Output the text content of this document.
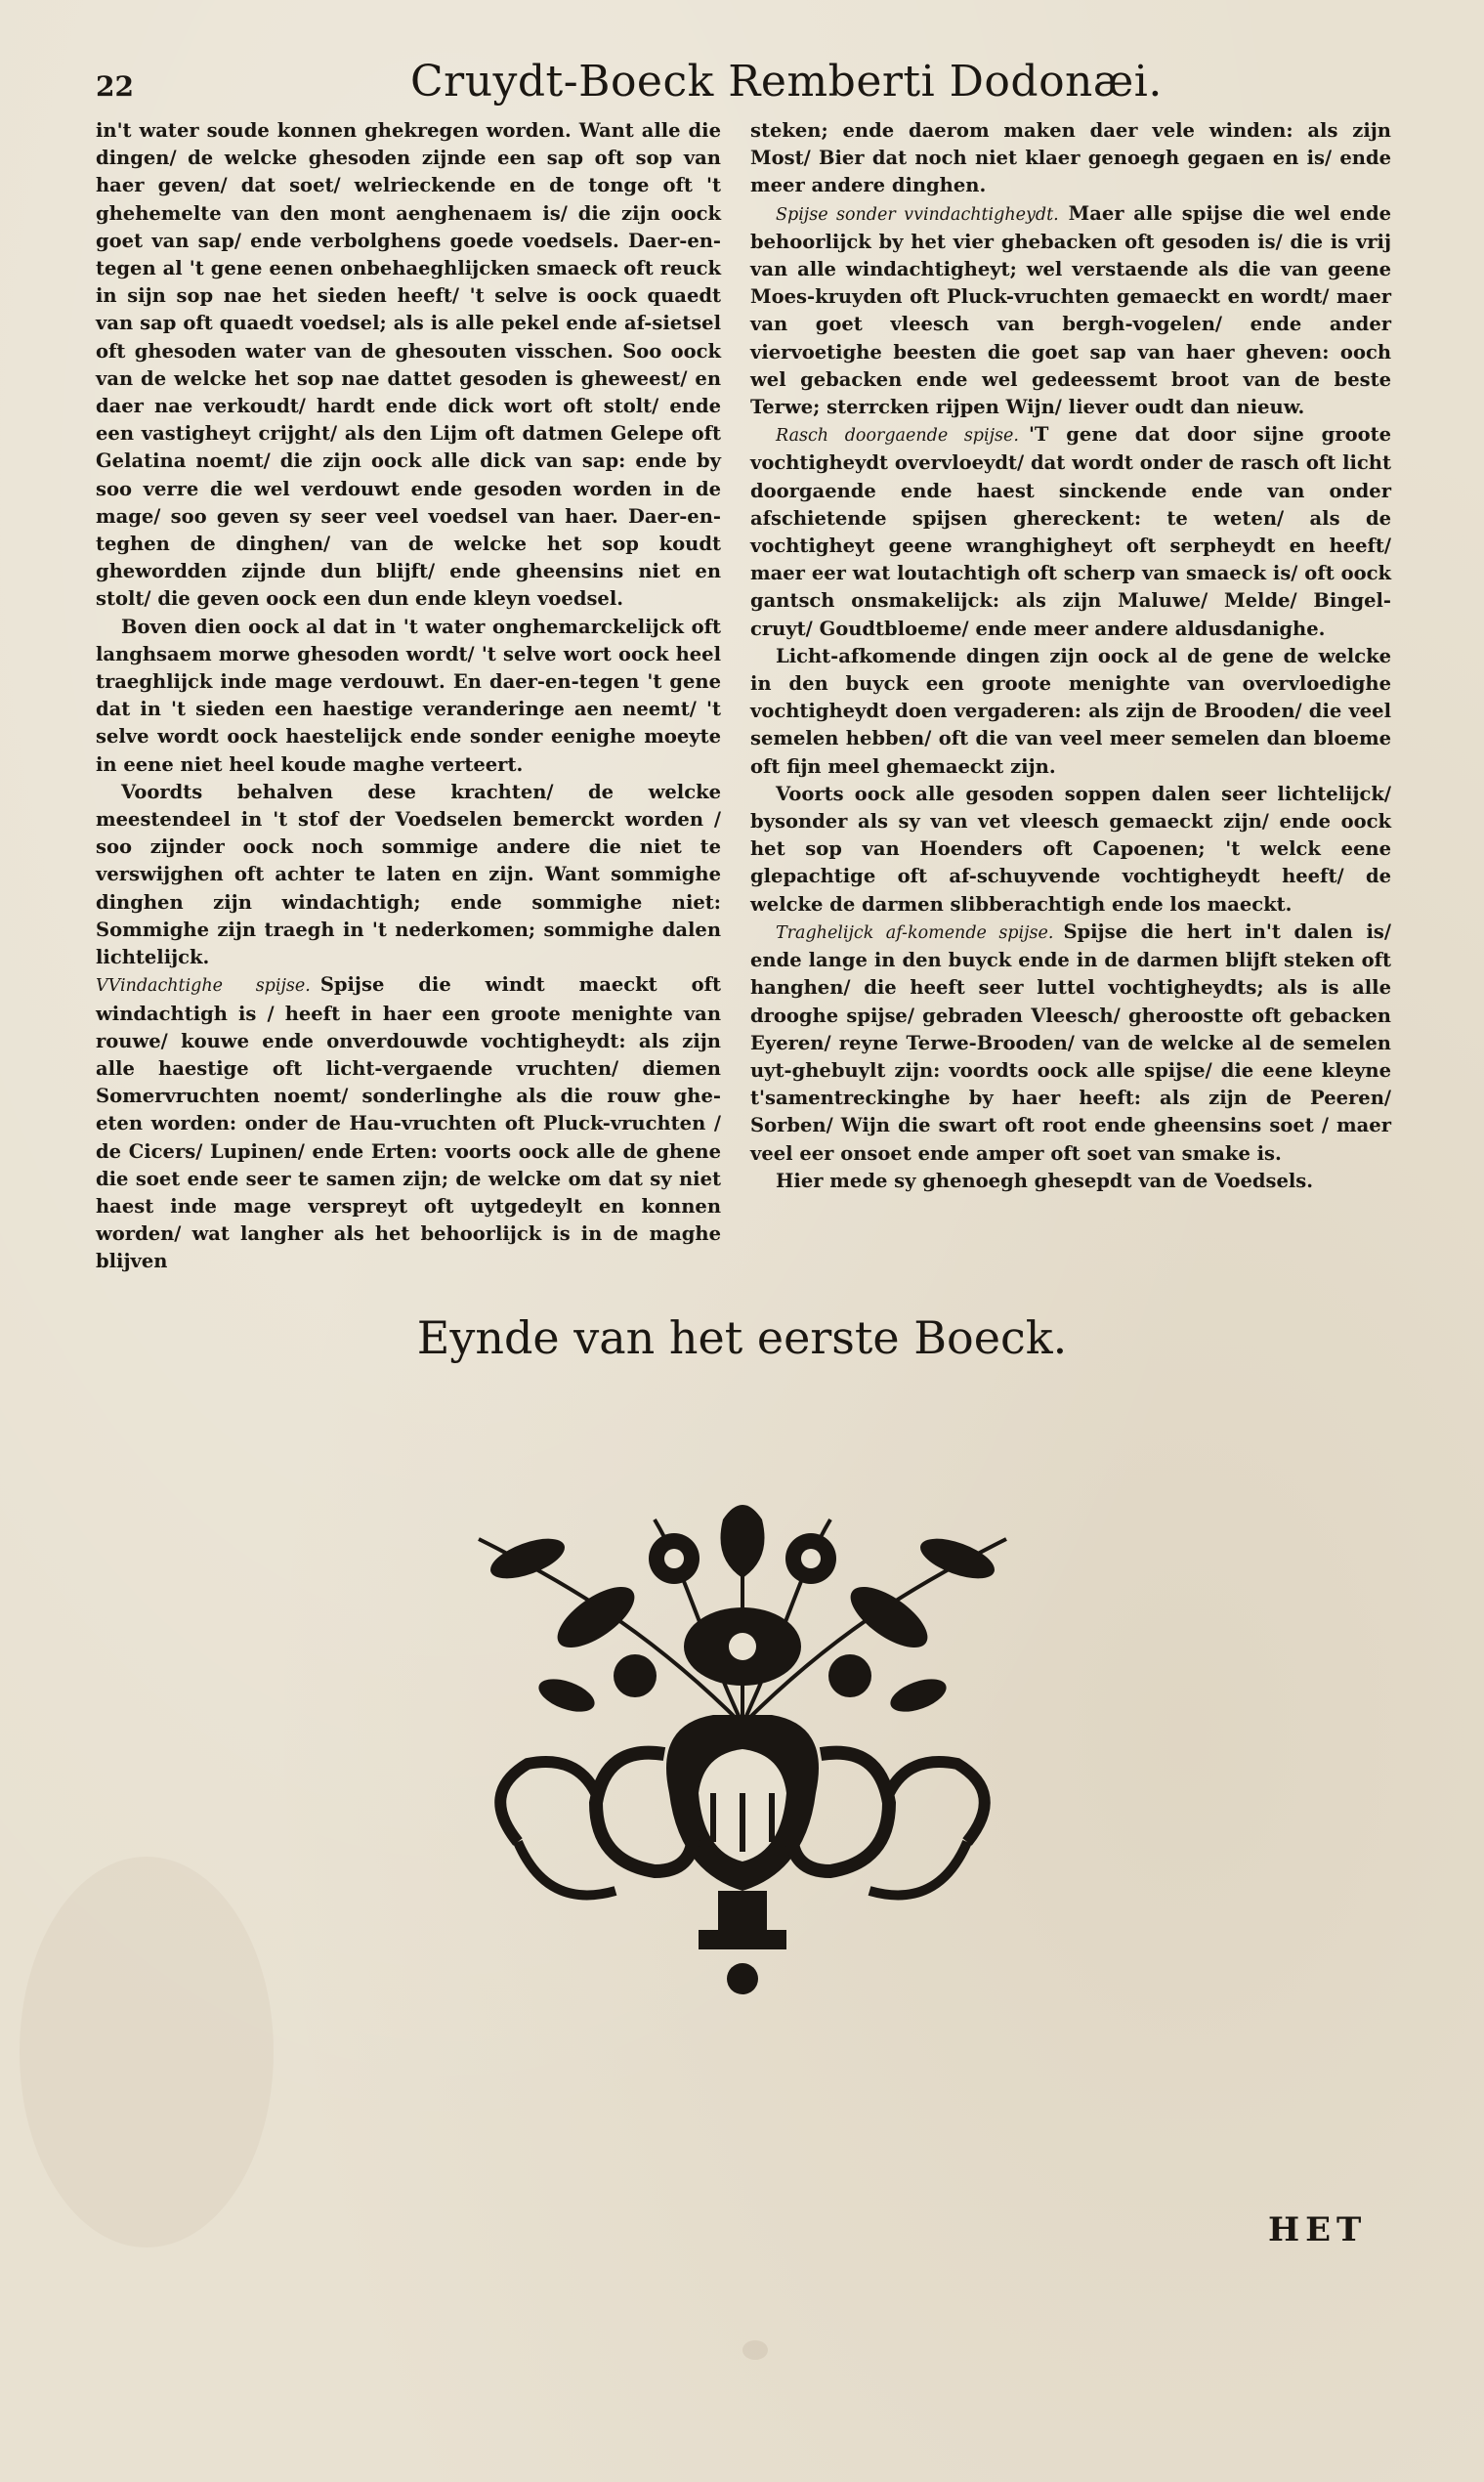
22	Cruydt-Boeck Remberti Dodonæi.

in't water soude konnen ghekregen worden. Want alle die dingen/ de welcke ghesoden zijnde een sap oft sop van haer geven/ dat soet/ welrieckende en de tonge oft 't ghehemelte van den mont aenghenaem is/ die zijn oock goet van sap/ ende verbolghens goede voedsels. Daer-en-tegen al 't gene eenen onbehaeghlijcken smaeck oft reuck in sijn sop nae het sieden heeft/ 't selve is oock quaedt van sap oft quaedt voedsel; als is alle pekel ende af-sietsel oft ghesoden water van de ghesouten visschen. Soo oock van de welcke het sop nae dattet gesoden is gheweest/ en daer nae verkoudt/ hardt ende dick wort oft stolt/ ende een vastigheyt crijght/ als den Lijm oft datmen Gelepe oft Gelatina noemt/ die zijn oock alle dick van sap: ende by soo verre die wel verdouwt ende gesoden worden in de mage/ soo geven sy seer veel voedsel van haer. Daer-en-teghen de dinghen/ van de welcke het sop koudt ghewordden zijnde dun blijft/ ende gheensins niet en stolt/ die geven oock een dun ende kleyn voedsel.

Boven dien oock al dat in 't water onghemarckelijck oft langhsaem morwe ghesoden wordt/ 't selve wort oock heel traeghlijck inde mage verdouwt. En daer-en-tegen 't gene dat in 't sieden een haestige veranderinge aen neemt/ 't selve wordt oock haestelijck ende sonder eenighe moeyte in eene niet heel koude maghe verteert.

Voordts behalven dese krachten/ de welcke meestendeel in 't stof der Voedselen bemerckt worden / soo zijnder oock noch sommige andere die niet te verswijghen oft achter te laten en zijn. Want sommighe dinghen zijn windachtigh; ende sommighe niet: Sommighe zijn traegh in 't nederkomen; sommighe dalen lichtelijck.

VVindachtighe spijse. Spijse die windt maeckt oft windachtigh is / heeft in haer een groote menighte van rouwe/ kouwe ende onverdouwde vochtigheydt: als zijn alle haestige oft licht-vergaende vruchten/ diemen Somervruchten noemt/ sonderlinghe als die rouw ghe-eten worden: onder de Hau-vruchten oft Pluck-vruchten / de Cicers/ Lupinen/ ende Erten: voorts oock alle de ghene die soet ende seer te samen zijn; de welcke om dat sy niet haest inde mage verspreyt oft uytgedeylt en konnen worden/ wat langher als het behoorlijck is in de maghe blijven

steken; ende daerom maken daer vele winden: als zijn Most/ Bier dat noch niet klaer genoegh gegaen en is/ ende meer andere dinghen.

Spijse sonder vvindachtigheydt. Maer alle spijse die wel ende behoorlijck by het vier ghebacken oft gesoden is/ die is vrij van alle windachtigheyt; wel verstaende als die van geene Moes-kruyden oft Pluck-vruchten gemaeckt en wordt/ maer van goet vleesch van bergh-vogelen/ ende ander viervoetighe beesten die goet sap van haer gheven: ooch wel gebacken ende wel gedeessemt broot van de beste Terwe; sterrcken rijpen Wijn/ liever oudt dan nieuw.

Rasch doorgaende spijse. 'T gene dat door sijne groote vochtigheydt overvloeydt/ dat wordt onder de rasch oft licht doorgaende ende haest sinckende ende van onder afschietende spijsen ghereckent: te weten/ als de vochtigheyt geene wranghigheyt oft serpheydt en heeft/ maer eer wat loutachtigh oft scherp van smaeck is/ oft oock gantsch onsmakelijck: als zijn Maluwe/ Melde/ Bingel-cruyt/ Goudtbloeme/ ende meer andere aldusdanighe.

Licht-afkomende dingen zijn oock al de gene de welcke in den buyck een groote menighte van overvloedighe vochtigheydt doen vergaderen: als zijn de Brooden/ die veel semelen hebben/ oft die van veel meer semelen dan bloeme oft fijn meel ghemaeckt zijn.

Voorts oock alle gesoden soppen dalen seer lichtelijck/ bysonder als sy van vet vleesch gemaeckt zijn/ ende oock het sop van Hoenders oft Capoenen; 't welck eene glepachtige oft af-schuyvende vochtigheydt heeft/ de welcke de darmen slibberachtigh ende los maeckt.

Traghelijck af-komende spijse. Spijse die hert in't dalen is/ ende lange in den buyck ende in de darmen blijft steken oft hanghen/ die heeft seer luttel vochtigheydts; als is alle drooghe spijse/ gebraden Vleesch/ gheroostte oft gebacken Eyeren/ reyne Terwe-Brooden/ van de welcke al de semelen uyt-ghebuylt zijn: voordts oock alle spijse/ die eene kleyne t'samentreckinghe by haer heeft: als zijn de Peeren/ Sorben/ Wijn die swart oft root ende gheensins soet / maer veel eer onsoet ende amper oft soet van smake is.

Hier mede sy ghenoegh ghesepdt van de Voedsels.

Eynde van het eerste Boeck.
HET
